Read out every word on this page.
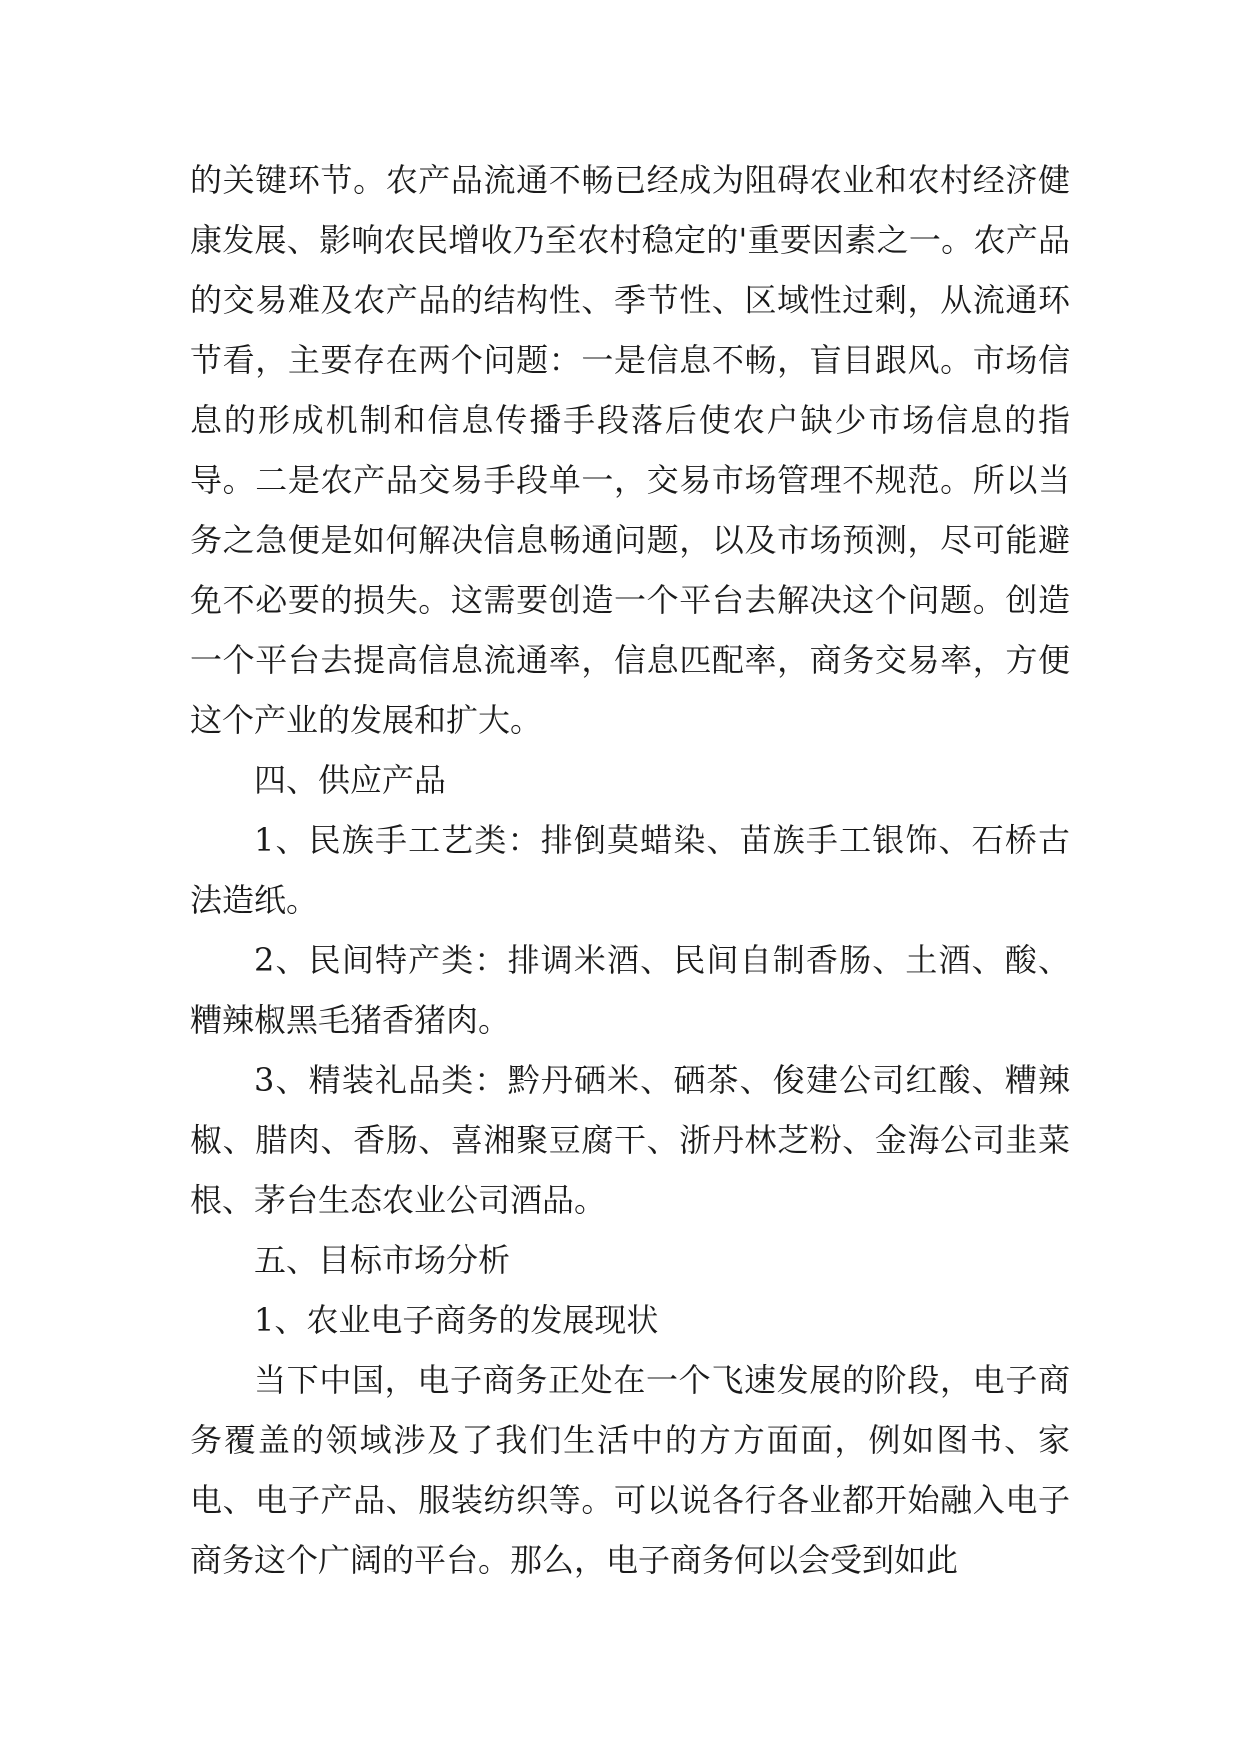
的关键环节。农产品流通不畅已经成为阻碍农业和农村经济健康发展、影响农民增收乃至农村稳定的'重要因素之一。农产品的交易难及农产品的结构性、季节性、区域性过剩，从流通环节看，主要存在两个问题：一是信息不畅，盲目跟风。市场信息的形成机制和信息传播手段落后使农户缺少市场信息的指导。二是农产品交易手段单一，交易市场管理不规范。所以当务之急便是如何解决信息畅通问题，以及市场预测，尽可能避免不必要的损失。这需要创造一个平台去解决这个问题。创造一个平台去提高信息流通率，信息匹配率，商务交易率，方便这个产业的发展和扩大。

四、供应产品

1、民族手工艺类：排倒莫蜡染、苗族手工银饰、石桥古法造纸。

2、民间特产类：排调米酒、民间自制香肠、土酒、酸、糟辣椒黑毛猪香猪肉。

3、精装礼品类：黔丹硒米、硒茶、俊建公司红酸、糟辣椒、腊肉、香肠、喜湘聚豆腐干、浙丹林芝粉、金海公司韭菜根、茅台生态农业公司酒品。

五、目标市场分析

1、农业电子商务的发展现状

当下中国，电子商务正处在一个飞速发展的阶段，电子商务覆盖的领域涉及了我们生活中的方方面面，例如图书、家电、电子产品、服装纺织等。可以说各行各业都开始融入电子商务这个广阔的平台。那么，电子商务何以会受到如此
